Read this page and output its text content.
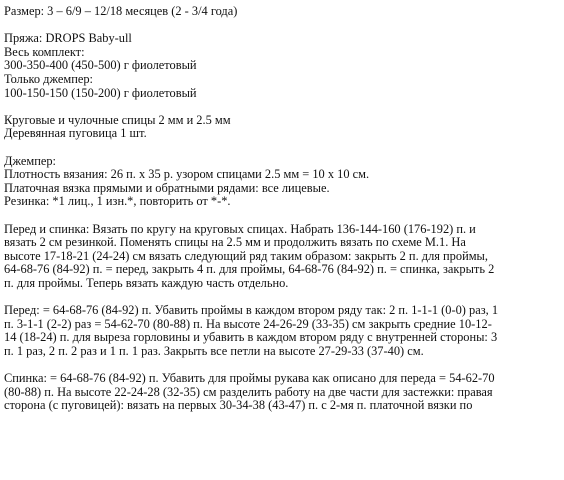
Размер: 3 – 6/9 – 12/18 месяцев (2 - 3/4 года)
Пряжа: DROPS Baby-ull
Весь комплект:
300-350-400 (450-500) г фиолетовый
Только джемпер:
100-150-150 (150-200) г фиолетовый
Круговые и чулочные спицы 2 мм и 2.5 мм
Деревянная пуговица 1 шт.
Джемпер:
Плотность вязания: 26 п. x 35 р. узором спицами 2.5 мм = 10 x 10 см.
Платочная вязка прямыми и обратными рядами: все лицевые.
Резинка: *1 лиц., 1 изн.*, повторить от *-*.
Перед и спинка: Вязать по кругу на круговых спицах. Набрать 136-144-160 (176-192) п. и
вязать 2 см резинкой. Поменять спицы на 2.5 мм и продолжить вязать по схеме М.1. На
высоте 17-18-21 (24-24) см вязать следующий ряд таким образом: закрыть 2 п. для проймы,
64-68-76 (84-92) п. = перед, закрыть 4 п. для проймы, 64-68-76 (84-92) п. = спинка, закрыть 2
п. для проймы. Теперь вязать каждую часть отдельно.
Перед: = 64-68-76 (84-92) п. Убавить проймы в каждом втором ряду так: 2 п. 1-1-1 (0-0) раз, 1
п. 3-1-1 (2-2) раз = 54-62-70 (80-88) п. На высоте 24-26-29 (33-35) см закрыть средние 10-12-
14 (18-24) п. для выреза горловины и убавить в каждом втором ряду с внутренней стороны: 3
п. 1 раз, 2 п. 2 раз и 1 п. 1 раз. Закрыть все петли на высоте 27-29-33 (37-40) см.
Спинка: = 64-68-76 (84-92) п. Убавить для проймы рукава как описано для переда = 54-62-70
(80-88) п. На высоте 22-24-28 (32-35) см разделить работу на две части для застежки: правая
сторона (с пуговицей): вязать на первых 30-34-38 (43-47) п. с 2-мя п. платочной вязки по
